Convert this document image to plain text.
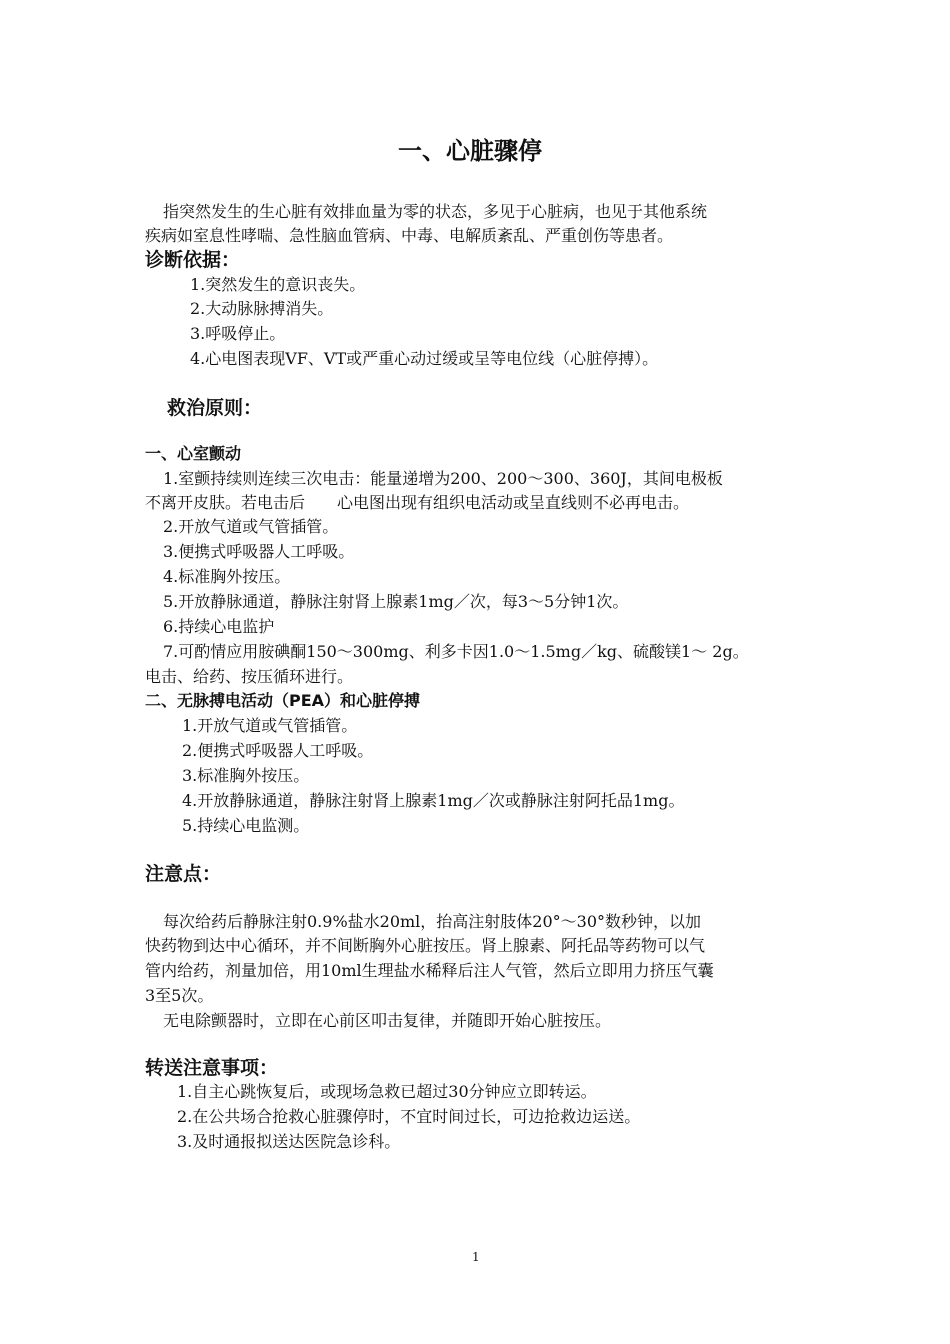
一、心脏骤停
指突然发生的生心脏有效排血量为零的状态，多见于心脏病，也见于其他系统
疾病如室息性哮喘、急性脑血管病、中毒、电解质紊乱、严重创伤等患者。
诊断依据：
1.突然发生的意识丧失。
2.大动脉脉搏消失。
3.呼吸停止。
4.心电图表现VF、VT或严重心动过缓或呈等电位线（心脏停搏）。
救治原则：
一、心室颤动
1.室颤持续则连续三次电击：能量递增为200、200～300、360J，其间电极板
不离开皮肤。若电击后　　心电图出现有组织电活动或呈直线则不必再电击。
2.开放气道或气管插管。
3.便携式呼吸器人工呼吸。
4.标准胸外按压。
5.开放静脉通道，静脉注射肾上腺素1mg／次，每3～5分钟1次。
6.持续心电监护
7.可酌情应用胺碘酮150～300mg、利多卡因1.0～1.5mg／kg、硫酸镁1～ 2g。
电击、给药、按压循环进行。
二、无脉搏电活动（PEA）和心脏停搏
1.开放气道或气管插管。
2.便携式呼吸器人工呼吸。
3.标准胸外按压。
4.开放静脉通道，静脉注射肾上腺素1mg／次或静脉注射阿托品1mg。
5.持续心电监测。
注意点：
每次给药后静脉注射0.9%盐水20ml，抬高注射肢体20°～30°数秒钟，以加
快药物到达中心循环，并不间断胸外心脏按压。肾上腺素、阿托品等药物可以气
管内给药，剂量加倍，用10ml生理盐水稀释后注人气管，然后立即用力挤压气囊
3至5次。
无电除颤器时，立即在心前区叩击复律，并随即开始心脏按压。
转送注意事项：
1.自主心跳恢复后，或现场急救已超过30分钟应立即转运。
2.在公共场合抢救心脏骤停时，不宜时间过长，可边抢救边运送。
3.及时通报拟送达医院急诊科。
1
